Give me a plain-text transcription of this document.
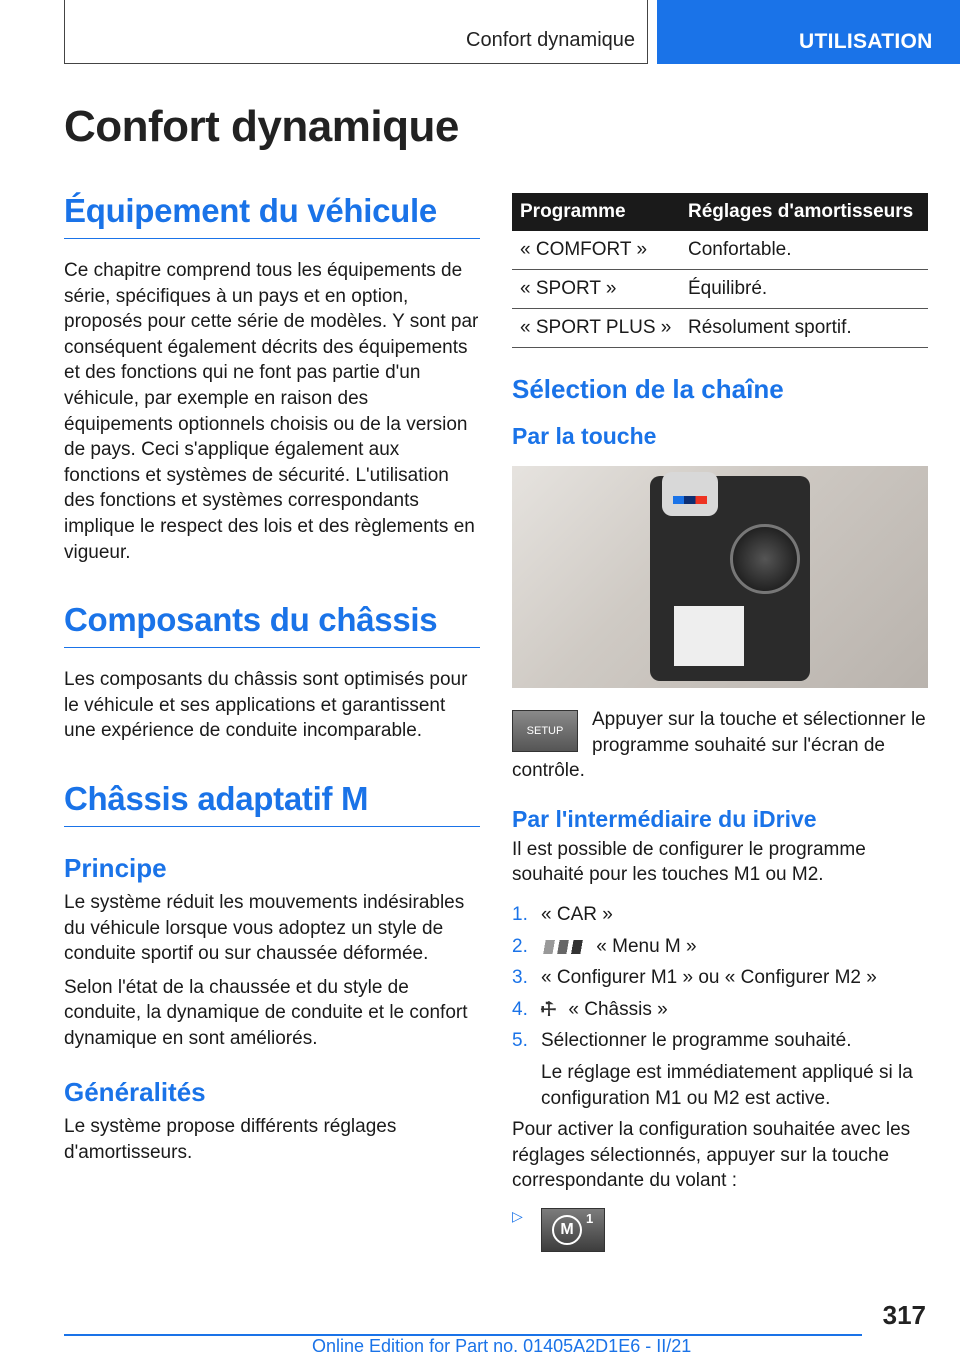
Confort dynamique	UTILISATION
Confort dynamique
Équipement du véhicule

Ce chapitre comprend tous les équipements de série, spécifiques à un pays et en option, proposés pour cette série de modèles. Y sont par conséquent également décrits des équipements et des fonctions qui ne font pas partie d'un véhicule, par exemple en raison des équipements optionnels choisis ou de la version de pays. Ceci s'applique également aux fonctions et systèmes de sécurité. L'utilisation des fonctions et systèmes correspondants implique le respect des lois et des règlements en vigueur.

Composants du châssis

Les composants du châssis sont optimisés pour le véhicule et ses applications et garantissent une expérience de conduite incomparable.

Châssis adaptatif M
Principe

Le système réduit les mouvements indésirables du véhicule lorsque vous adoptez un style de conduite sportif ou sur chaussée déformée.

Selon l'état de la chaussée et du style de conduite, la dynamique de conduite et le confort dynamique en sont améliorés.

Généralités

Le système propose différents réglages d'amortisseurs.

Programme	Réglages d'amortisseurs
« COMFORT »	Confortable.
« SPORT »	Équilibré.
« SPORT PLUS »	Résolument sportif.
Sélection de la chaîne
Par la touche
SETUP

Appuyer sur la touche et sélectionner le programme souhaité sur l'écran de contrôle.

Par l'intermédiaire du iDrive

Il est possible de configurer le programme souhaité pour les touches M1 ou M2.

1. « CAR »
2.	« Menu M »
3. « Configurer M1 » ou « Configurer M2 »
4. ⚒ « Châssis »
5. Sélectionner le programme souhaité.
Le réglage est immédiatement appliqué si la configuration M1 ou M2 est active.

Pour activer la configuration souhaitée avec les réglages sélectionnés, appuyer sur la touche correspondante du volant :

▷
M
1
317
Online Edition for Part no. 01405A2D1E6 - II/21
